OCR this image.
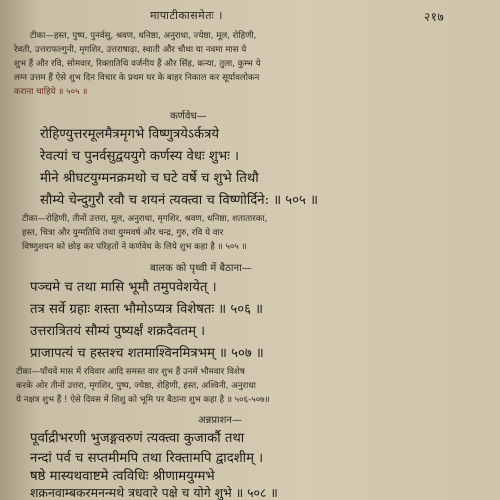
मापाटीकासमेतः ।	२१७
टीका—हस्त, पुष्प, पुनर्वसु, श्रवण, धनिष्ठा, अनुराधा, ज्येष्ठा, मूल, रोहिणी,
रेवती, उत्तराफल्गुनी, मृगशिर, उत्तराषाढ़ा, स्वाती और चौथा या नवमा मास ये
शुभ हैं और रवि, सोमवार, रिक्तातिथि वर्जनीय हैं और सिंह, कन्या, तुला, कुम्भ ये
लग्न उत्तम हैं ऐसे शुभ दिन विचार के प्रथम घर के बाहर निकाल कर सूर्यावलोकन
कराना चाहिये ॥ ५०५ ॥
कर्णवेध—
रोहिण्युत्तरमूलमैत्रमृगभे विष्णुत्रयेऽर्कत्रये
रेवत्यां च पुनर्वसुद्वययुगे कर्णस्य वेधः शुभः ।
मीने श्रीघटयुग्मनक्रमथो च घटे वर्षे च शुभे तिथौ
सौम्ये चेन्दुगुरौ रवौ च शयनं त्यक्त्वा च विष्णोर्दिने: ॥ ५०५ ॥
टीका—रोहिणी, तीनों उत्तरा, मूल, अनुराधा, मृगशिर, श्रवण, धनिष्ठा, शतातारका,
हस्त, चित्रा और युग्मतिथि तथा युग्मवर्ष और चन्द्र, गुरु, रवि ये वार
विष्णुशयन को छोड़ कर परिहतों ने कर्णवेध के लिये शुभ कहा है ॥ ५०५ ॥
बालक को पृथ्वी में बैठाना—
पञ्चमे च तथा मासि भूमौ तमुपवेशयेत् ।
तत्र सर्वे ग्रहाः शस्ता भौमोऽप्यत्र विशेषतः ॥ ५०६ ॥
उत्तरात्रितयं सौम्यं पुष्यर्क्षं शक्रदैवतम् ।
प्राजापत्यं च हस्तश्च शतमाश्विनमित्रभम् ॥ ५०७ ॥
टीका—पाँचवें मास में रविवार आदि समस्त वार शुभ हैं उनमें भौमवार विशेष
करके ओर तीनों उत्तरा, मृगशिर, पुष्प, ज्येष्ठा, रोहिणी, हस्त, अश्विनी, अनुराधा
ये नक्षत्र शुभ हैं ! ऐसे दिवस में शिशु को भूमि पर बैठाना शुभ कहा है ॥ ५०६-५०७॥
अन्नप्राशन—
पूर्वाद्रीभरणी भुजङ्गवरुणं त्यक्त्वा कुजार्कौ तथा
नन्दां पर्व च सप्तमीमपि तथा रिक्तामपि द्वादशीम् ।
षष्ठे मास्यथवाष्टमे त्वविधिः श्रीणामयुग्मभे
शक्रनवाम्बकरमनन्मथे त्रधवारे पक्षे च योगे शुभे ॥ ५०८ ॥
